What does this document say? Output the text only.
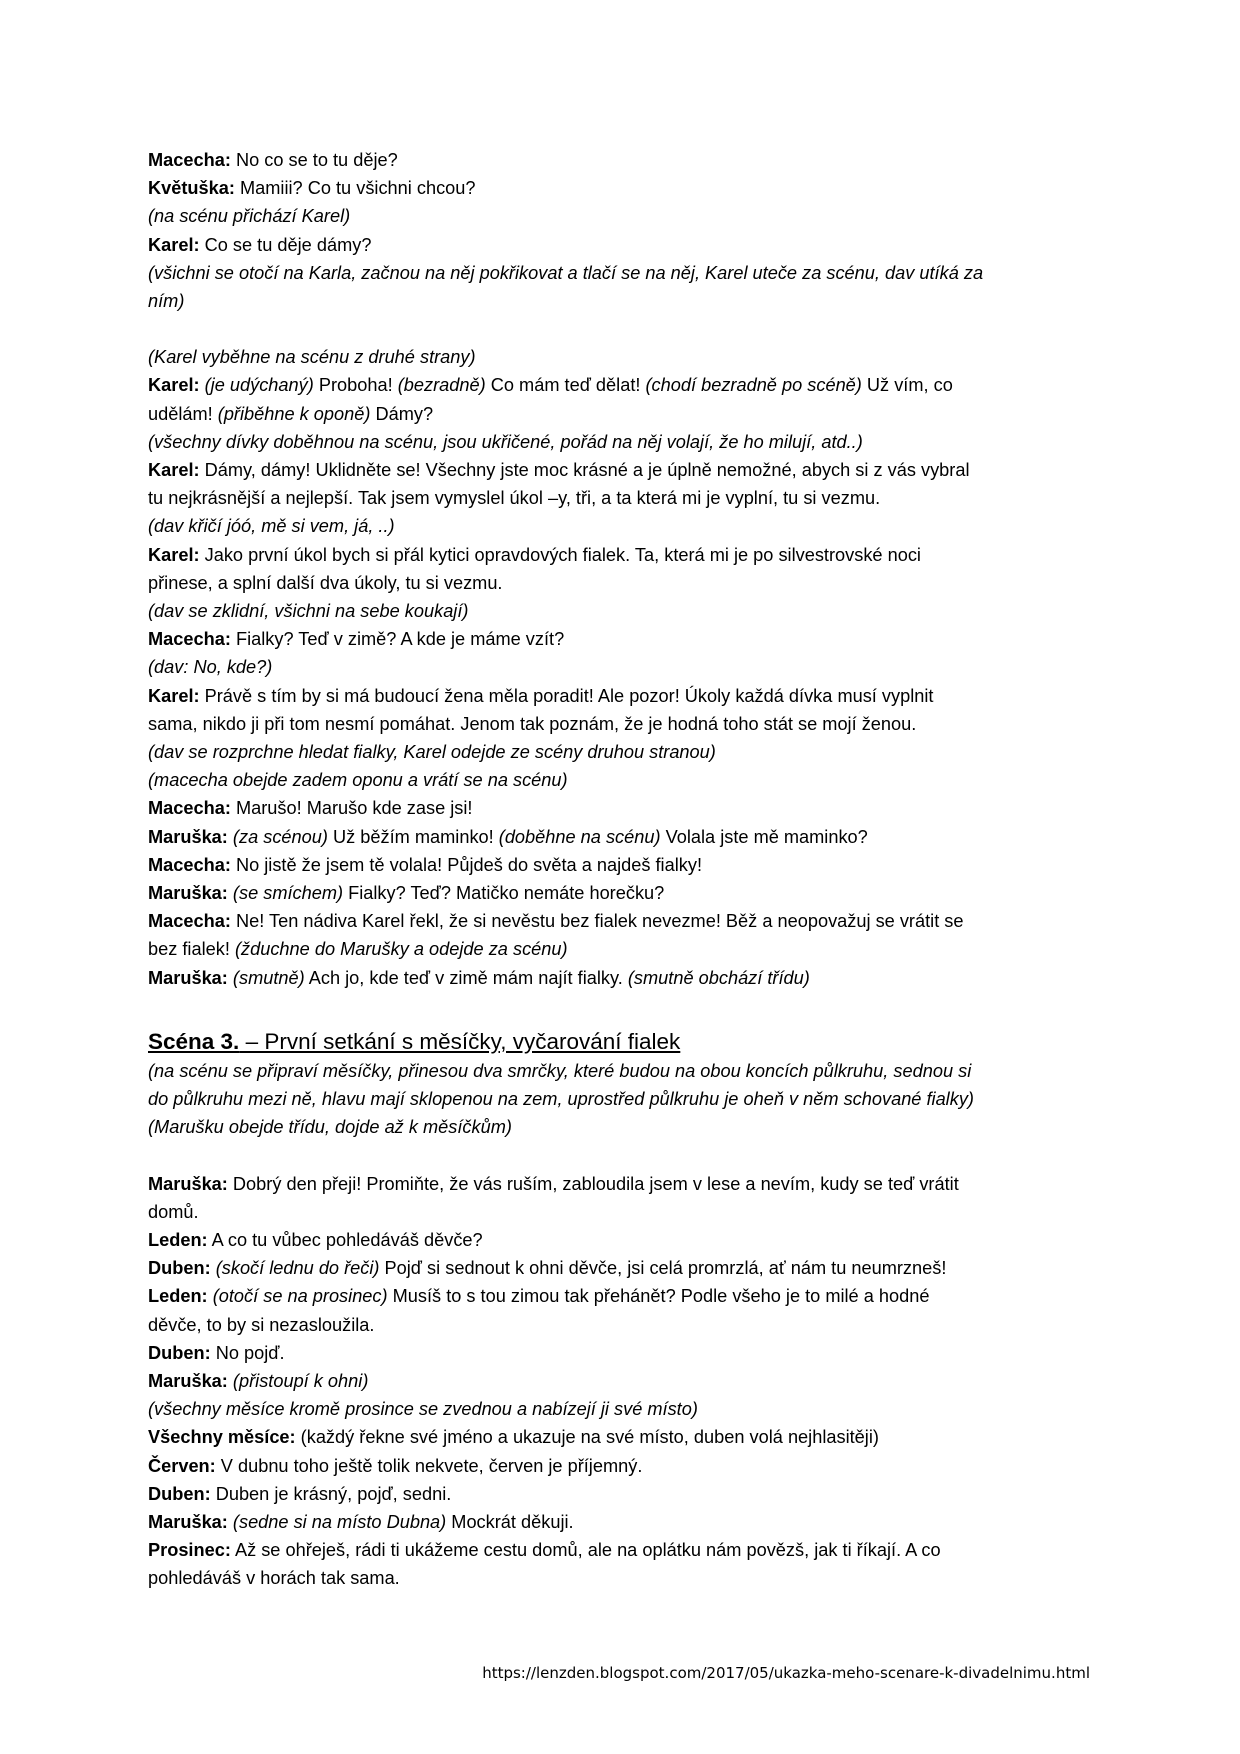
Macecha: No co se to tu děje?

Květuška: Mamiii? Co tu všichni chcou?

(na scénu přichází Karel)

Karel: Co se tu děje dámy?

(všichni se otočí na Karla, začnou na něj pokřikovat a tlačí se na něj, Karel uteče za scénu, dav utíká za

ním)

(Karel vyběhne na scénu z druhé strany)

Karel: (je udýchaný) Proboha! (bezradně) Co mám teď dělat! (chodí bezradně po scéně) Už vím, co

udělám! (přiběhne k oponě) Dámy?

(všechny dívky doběhnou na scénu, jsou ukřičené, pořád na něj volají, že ho milují, atd..)

Karel: Dámy, dámy! Uklidněte se! Všechny jste moc krásné a je úplně nemožné, abych si z vás vybral

tu nejkrásnější a nejlepší. Tak jsem vymyslel úkol –y, tři, a ta která mi je vyplní, tu si vezmu.

(dav křičí jóó, mě si vem, já, ..)

Karel: Jako první úkol bych si přál kytici opravdových fialek. Ta, která mi je po silvestrovské noci

přinese, a splní další dva úkoly, tu si vezmu.

(dav se zklidní, všichni na sebe koukají)

Macecha: Fialky? Teď v zimě? A kde je máme vzít?

(dav: No, kde?)

Karel: Právě s tím by si má budoucí žena měla poradit! Ale pozor! Úkoly každá dívka musí vyplnit

sama, nikdo ji při tom nesmí pomáhat. Jenom tak poznám, že je hodná toho stát se mojí ženou.

(dav se rozprchne hledat fialky, Karel odejde ze scény druhou stranou)

(macecha obejde zadem oponu a vrátí se na scénu)

Macecha: Marušo! Marušo kde zase jsi!

Maruška: (za scénou) Už běžím maminko! (doběhne na scénu) Volala jste mě maminko?

Macecha: No jistě že jsem tě volala! Půjdeš do světa a najdeš fialky!

Maruška: (se smíchem) Fialky? Teď? Matičko nemáte horečku?

Macecha: Ne! Ten nádiva Karel řekl, že si nevěstu bez fialek nevezme! Běž a neopovažuj se vrátit se

bez fialek! (žduchne do Marušky a odejde za scénu)

Maruška: (smutně) Ach jo, kde teď v zimě mám najít fialky. (smutně obchází třídu)

Scéna 3. – První setkání s měsíčky, vyčarování fialek

(na scénu se připraví měsíčky, přinesou dva smrčky, které budou na obou koncích půlkruhu, sednou si

do půlkruhu mezi ně, hlavu mají sklopenou na zem, uprostřed půlkruhu je oheň v něm schované fialky)

(Marušku obejde třídu, dojde až k měsíčkům)

Maruška: Dobrý den přeji! Promiňte, že vás ruším, zabloudila jsem v lese a nevím, kudy se teď vrátit

domů.

Leden: A co tu vůbec pohledáváš děvče?

Duben: (skočí lednu do řeči) Pojď si sednout k ohni děvče, jsi celá promrzlá, ať nám tu neumrzneš!

Leden: (otočí se na prosinec) Musíš to s tou zimou tak přehánět? Podle všeho je to milé a hodné

děvče, to by si nezasloužila.

Duben: No pojď.

Maruška: (přistoupí k ohni)

(všechny měsíce kromě prosince se zvednou a nabízejí ji své místo)

Všechny měsíce: (každý řekne své jméno a ukazuje na své místo, duben volá nejhlasitěji)

Červen: V dubnu toho ještě tolik nekvete, červen je příjemný.

Duben: Duben je krásný, pojď, sedni.

Maruška: (sedne si na místo Dubna) Mockrát děkuji.

Prosinec: Až se ohřeješ, rádi ti ukážeme cestu domů, ale na oplátku nám povězš, jak ti říkají. A co

pohledáváš v horách tak sama.

https://lenzden.blogspot.com/2017/05/ukazka-meho-scenare-k-divadelnimu.html
